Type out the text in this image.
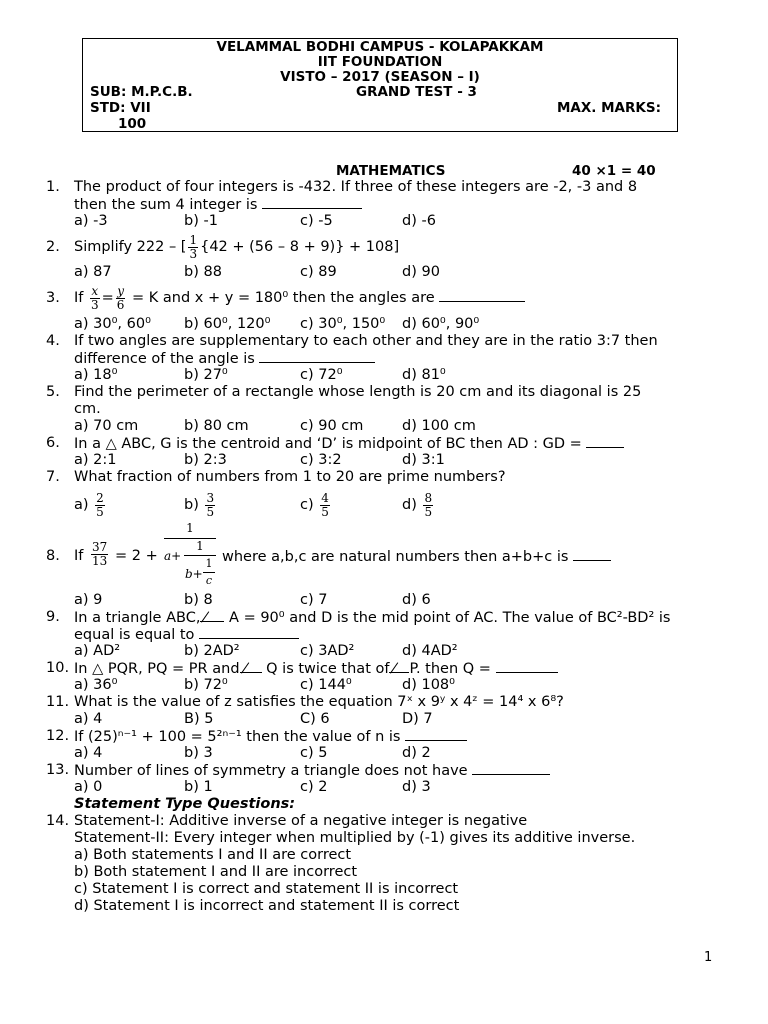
VELAMMAL BODHI CAMPUS - KOLAPAKKAM
IIT FOUNDATION
VISTO – 2017 (SEASON – I)
SUB: M.P.C.B.	GRAND TEST - 3
STD: VII	MAX. MARKS:
100
MATHEMATICS	40 ×1 = 40
1. The product of four integers is -432. If three of these integers are -2, -3 and 8
then the sum 4 integer is
a) -3	b) -1	c) -5	d) -6
2. Simplify 222 – [ $\frac{1}{3} \{42 + (56 - 8 + 9)\} + 108$]
a) 87	b) 88	c) 89	d) 90
3. If $\frac{x}{3} = \frac{y}{6} = K$ and x + y = 180⁰ then the angles are
a) 30⁰, 60⁰ b) 60⁰, 120⁰ c) 30⁰, 150⁰ d) 60⁰, 90⁰
4. If two angles are supplementary to each other and they are in the ratio 3:7 then
difference of the angle is
a) 18⁰	b) 27⁰	c) 72⁰	d) 81⁰
5. Find the perimeter of a rectangle whose length is 20 cm and its diagonal is 25
cm.
a) 70 cm	b) 80 cm	c) 90 cm	d) 100 cm
6. In a △ ABC, G is the centroid and ‘D’ is midpoint of BC then AD : GD =
a) 2:1	b) 2:3	c) 3:2	d) 3:1
7. What fraction of numbers from 1 to 20 are prime numbers?
$a) \frac{2}{5}$	$b) \frac{3}{5}$	$c) \frac{4}{5}$	$d) \frac{8}{5}$
8. If $\frac{37}{13} = 2$ +
1
a+
1
b+
1
c
where a,b,c are natural numbers then a+b+c is
a) 9	b) 8	c) 7	d) 6
9. In a triangle ABC, A = 90⁰ and D is the mid point of AC. The value of BC²-BD² is
equal is equal to
a) AD²	b) 2AD²	c) 3AD²	d) 4AD²
10. In △ PQR, PQ = PR and Q is twice that of P. then Q =
a) 36⁰	b) 72⁰	c) 144⁰	d) 108⁰
11. What is the value of z satisfies the equation 7ˣ x 9ʸ x 4ᶻ = 14⁴ x 6⁸?
a) 4	B) 5	C) 6	D) 7
12. If (25)ⁿ⁻¹ + 100 = 5²ⁿ⁻¹ then the value of n is
a) 4	b) 3	c) 5	d) 2
13. Number of lines of symmetry a triangle does not have
a) 0	b) 1	c) 2	d) 3
Statement Type Questions:
14. Statement-I: Additive inverse of a negative integer is negative
Statement-II: Every integer when multiplied by (-1) gives its additive inverse.
a) Both statements I and II are correct
b) Both statement I and II are incorrect
c) Statement I is correct and statement II is incorrect
d) Statement I is incorrect and statement II is correct
1
